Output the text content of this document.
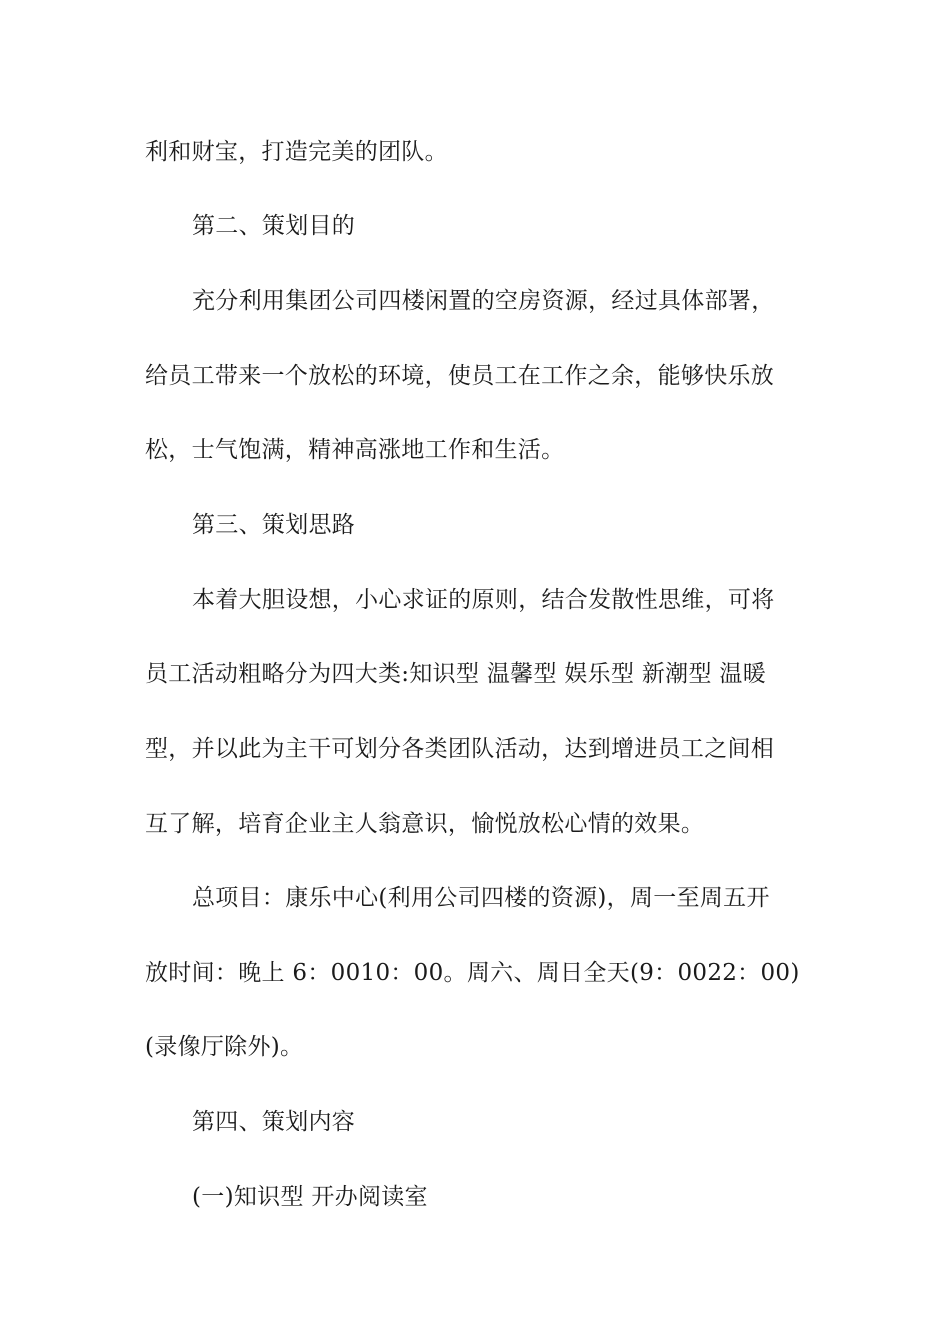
利和财宝，打造完美的团队。
第二、策划目的
充分利用集团公司四楼闲置的空房资源，经过具体部署，
给员工带来一个放松的环境，使员工在工作之余，能够快乐放
松，士气饱满，精神高涨地工作和生活。
第三、策划思路
本着大胆设想，小心求证的原则，结合发散性思维，可将
员工活动粗略分为四大类:知识型 温馨型 娱乐型 新潮型 温暖
型，并以此为主干可划分各类团队活动，达到增进员工之间相
互了解，培育企业主人翁意识，愉悦放松心情的效果。
总项目：康乐中心(利用公司四楼的资源)，周一至周五开
放时间：晚上 6：0010：00。周六、周日全天(9：0022：00)
(录像厅除外)。
第四、策划内容
(一)知识型 开办阅读室
